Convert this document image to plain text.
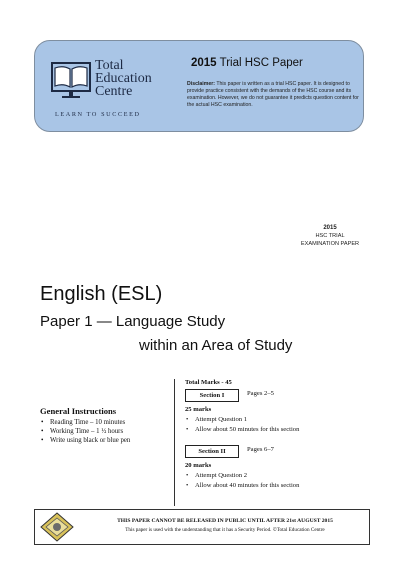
Total
Education
Centre
LEARN TO SUCCEED
2015 Trial HSC Paper
Disclaimer: This paper is written as a trial HSC paper. It is designed to provide practice consistent with the demands of the HSC course and its examination. However, we do not guarantee it predicts question content for the actual HSC examination.
2015
HSC TRIAL
EXAMINATION PAPER
English (ESL)
Paper 1 — Language Study
within an Area of Study
General Instructions
• Reading Time – 10 minutes
• Working Time – 1 ½ hours
• Write using black or blue pen
Total Marks - 45
Section I	Pages 2–5
25 marks
• Attempt Question 1
• Allow about 50 minutes for this section
Section II	Pages 6–7
20 marks
• Attempt Question 2
• Allow about 40 minutes for this section
THIS PAPER CANNOT BE RELEASED IN PUBLIC UNTIL AFTER 21st AUGUST 2015
This paper is used with the understanding that it has a Security Period. ©Total Education Centre
